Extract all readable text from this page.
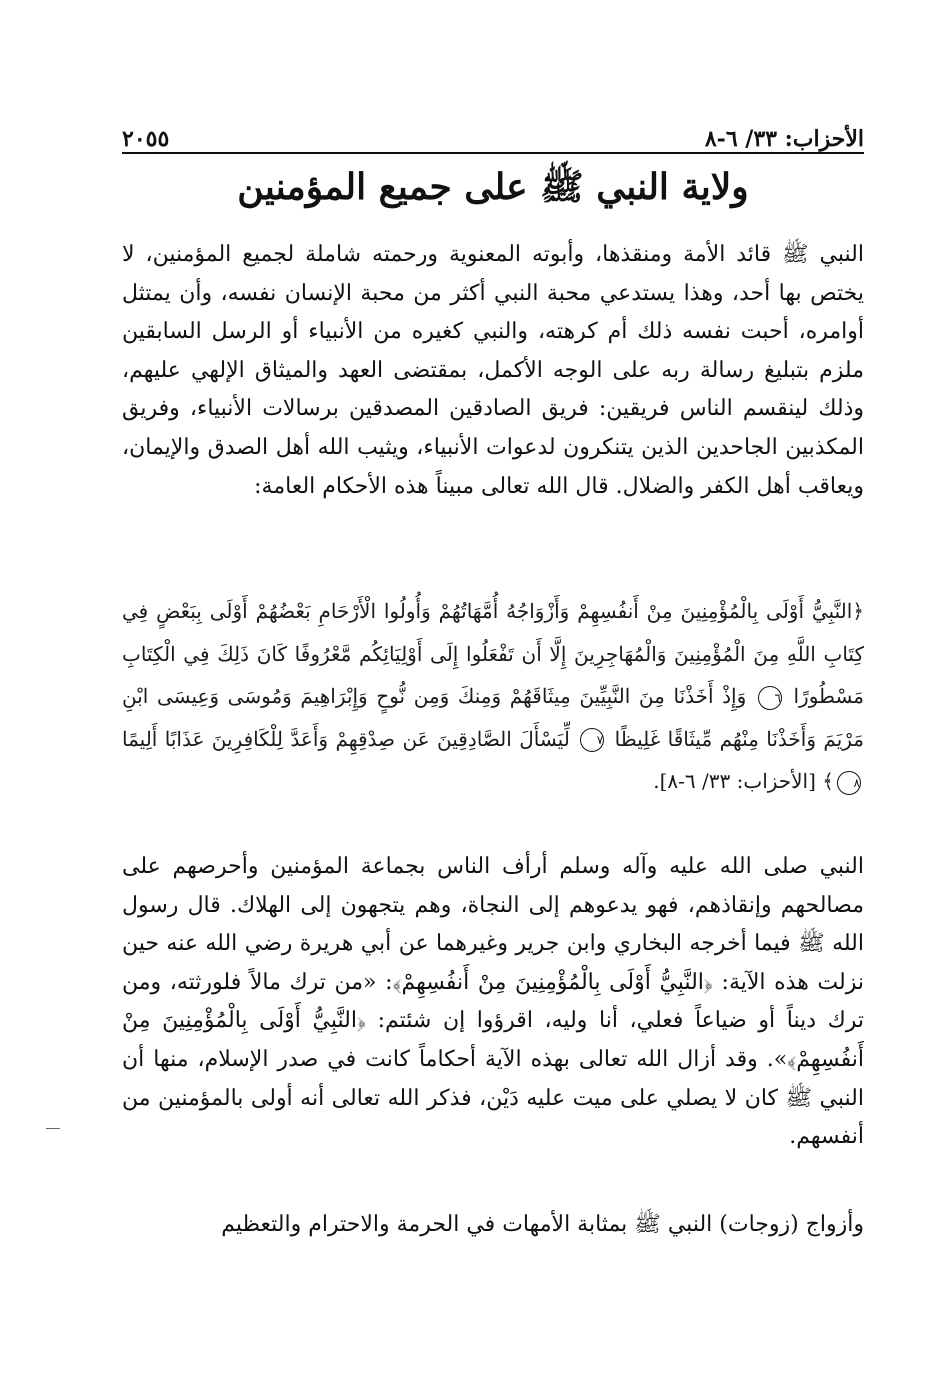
الأحزاب: ٣٣/ ٦-٨
٢٠٥٥
ولاية النبي ﷺ على جميع المؤمنين

النبي ﷺ قائد الأمة ومنقذها، وأبوته المعنوية ورحمته شاملة لجميع المؤمنين، لا يختص بها أحد، وهذا يستدعي محبة النبي أكثر من محبة الإنسان نفسه، وأن يمتثل أوامره، أحبت نفسه ذلك أم كرهته، والنبي كغيره من الأنبياء أو الرسل السابقين ملزم بتبليغ رسالة ربه على الوجه الأكمل، بمقتضى العهد والميثاق الإلهي عليهم، وذلك لينقسم الناس فريقين: فريق الصادقين المصدقين برسالات الأنبياء، وفريق المكذبين الجاحدين الذين يتنكرون لدعوات الأنبياء، ويثيب الله أهل الصدق والإيمان، ويعاقب أهل الكفر والضلال. قال الله تعالى مبيناً هذه الأحكام العامة:

﴿النَّبِيُّ أَوْلَى بِالْمُؤْمِنِينَ مِنْ أَنفُسِهِمْ وَأَزْوَاجُهُ أُمَّهَاتُهُمْ وَأُولُوا الْأَرْحَامِ بَعْضُهُمْ أَوْلَى بِبَعْضٍ فِي كِتَابِ اللَّهِ مِنَ الْمُؤْمِنِينَ وَالْمُهَاجِرِينَ إِلَّا أَن تَفْعَلُوا إِلَى أَوْلِيَائِكُم مَّعْرُوفًا كَانَ ذَلِكَ فِي الْكِتَابِ مَسْطُورًا ٦ وَإِذْ أَخَذْنَا مِنَ النَّبِيِّينَ مِيثَاقَهُمْ وَمِنكَ وَمِن نُّوحٍ وَإِبْرَاهِيمَ وَمُوسَى وَعِيسَى ابْنِ مَرْيَمَ وَأَخَذْنَا مِنْهُم مِّيثَاقًا غَلِيظًا ٧ لِّيَسْأَلَ الصَّادِقِينَ عَن صِدْقِهِمْ وَأَعَدَّ لِلْكَافِرِينَ عَذَابًا أَلِيمًا ٨﴾ [الأحزاب: ٣٣/ ٦-٨].

النبي صلى الله عليه وآله وسلم أرأف الناس بجماعة المؤمنين وأحرصهم على مصالحهم وإنقاذهم، فهو يدعوهم إلى النجاة، وهم يتجهون إلى الهلاك. قال رسول الله ﷺ فيما أخرجه البخاري وابن جرير وغيرهما عن أبي هريرة رضي الله عنه حين نزلت هذه الآية: ﴿النَّبِيُّ أَوْلَى بِالْمُؤْمِنِينَ مِنْ أَنفُسِهِمْ﴾: «من ترك مالاً فلورثته، ومن ترك ديناً أو ضياعاً فعلي، أنا وليه، اقرؤوا إن شئتم: ﴿النَّبِيُّ أَوْلَى بِالْمُؤْمِنِينَ مِنْ أَنفُسِهِمْ﴾». وقد أزال الله تعالى بهذه الآية أحكاماً كانت في صدر الإسلام، منها أن النبي ﷺ كان لا يصلي على ميت عليه دَيْن، فذكر الله تعالى أنه أولى بالمؤمنين من أنفسهم.

وأزواج (زوجات) النبي ﷺ بمثابة الأمهات في الحرمة والاحترام والتعظيم
